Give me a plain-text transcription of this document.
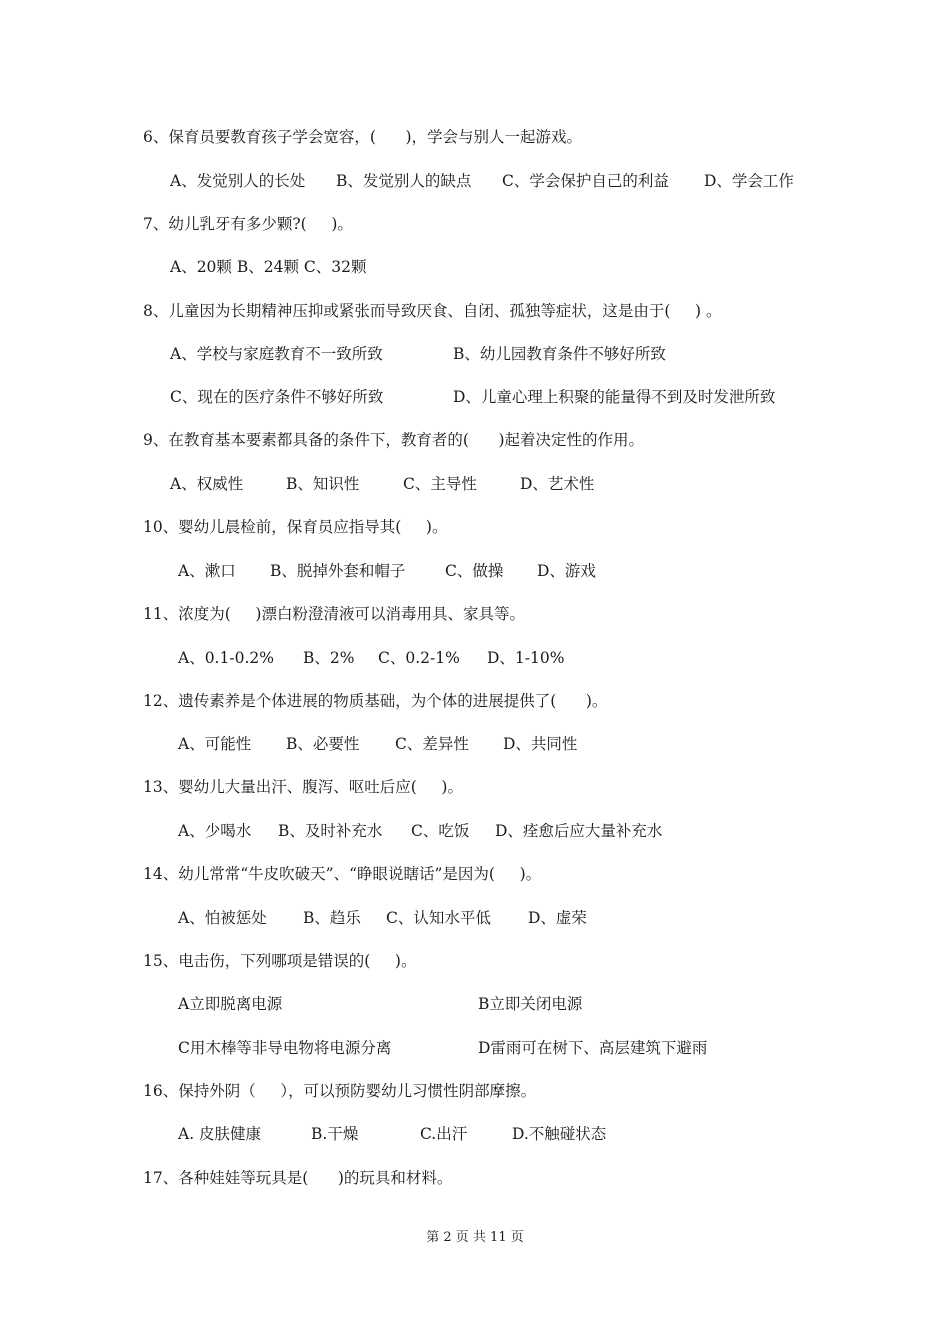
6、保育员要教育孩子学会宽容，(      )，学会与别人一起游戏。
A、发觉别人的长处 B、发觉别人的缺点 C、学会保护自己的利益 D、学会工作
7、幼儿乳牙有多少颗?(     )。
A、20颗 B、24颗 C、32颗
8、儿童因为长期精神压抑或紧张而导致厌食、自闭、孤独等症状，这是由于(     ) 。
A、学校与家庭教育不一致所致	B、幼儿园教育条件不够好所致
C、现在的医疗条件不够好所致	D、儿童心理上积聚的能量得不到及时发泄所致
9、在教育基本要素都具备的条件下，教育者的(      )起着决定性的作用。
A、权威性	B、知识性	C、主导性	D、艺术性
10、婴幼儿晨检前，保育员应指导其(     )。
A、漱口 B、脱掉外套和帽子	C、做操 D、游戏
11、浓度为(     )漂白粉澄清液可以消毒用具、家具等。
A、0.1-0.2% B、2% C、0.2-1% D、1-10%
12、遗传素养是个体进展的物质基础，为个体的进展提供了(      )。
A、可能性 B、必要性 C、差异性 D、共同性
13、婴幼儿大量出汗、腹泻、呕吐后应(     )。
A、少喝水 B、及时补充水 C、吃饭 D、痊愈后应大量补充水
14、幼儿常常“牛皮吹破天”、“睁眼说瞎话”是因为(     )。
A、怕被惩处 B、趋乐 C、认知水平低 D、虚荣
15、电击伤，下列哪项是错误的(     )。
A立即脱离电源	B立即关闭电源
C用木棒等非导电物将电源分离	D雷雨可在树下、高层建筑下避雨
16、保持外阴（     ），可以预防婴幼儿习惯性阴部摩擦。
A. 皮肤健康	B.干燥	C.出汗	D.不触碰状态
17、各种娃娃等玩具是(      )的玩具和材料。
第 2 页 共 11 页
